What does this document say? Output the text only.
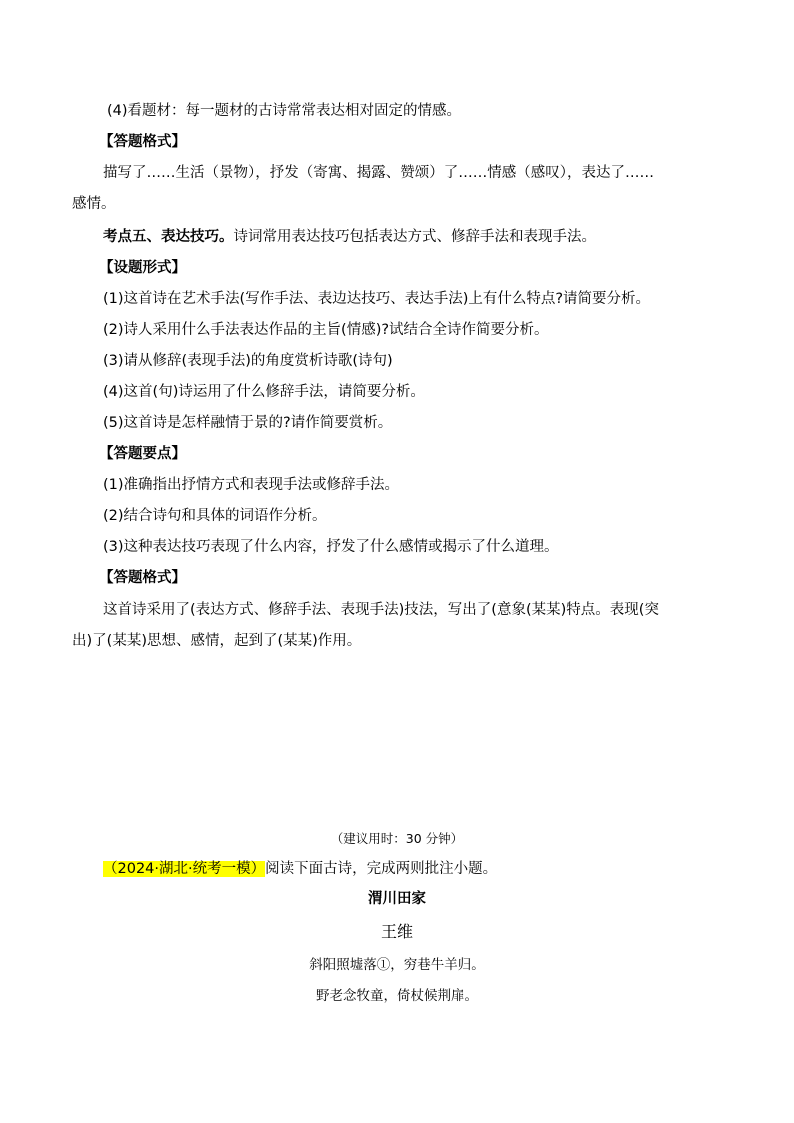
(4)看题材：每一题材的古诗常常表达相对固定的情感。
【答题格式】
描写了……生活（景物），抒发（寄寓、揭露、赞颂）了……情感（感叹），表达了……
感情。
考点五、表达技巧。诗词常用表达技巧包括表达方式、修辞手法和表现手法。
【设题形式】
(1)这首诗在艺术手法(写作手法、表边达技巧、表达手法)上有什么特点?请简要分析。
(2)诗人采用什么手法表达作品的主旨(情感)?试结合全诗作简要分析。
(3)请从修辞(表现手法)的角度赏析诗歌(诗句)
(4)这首(句)诗运用了什么修辞手法，请简要分析。
(5)这首诗是怎样融情于景的?请作简要赏析。
【答题要点】
(1)准确指出抒情方式和表现手法或修辞手法。
(2)结合诗句和具体的词语作分析。
(3)这种表达技巧表现了什么内容，抒发了什么感情或揭示了什么道理。
【答题格式】
这首诗采用了(表达方式、修辞手法、表现手法)技法，写出了(意象(某某)特点。表现(突
出)了(某某)思想、感情，起到了(某某)作用。
（建议用时：30 分钟）
（2024·湖北·统考一模）阅读下面古诗，完成两则批注小题。
渭川田家
王维
斜阳照墟落①，穷巷牛羊归。
野老念牧童，倚杖候荆扉。
